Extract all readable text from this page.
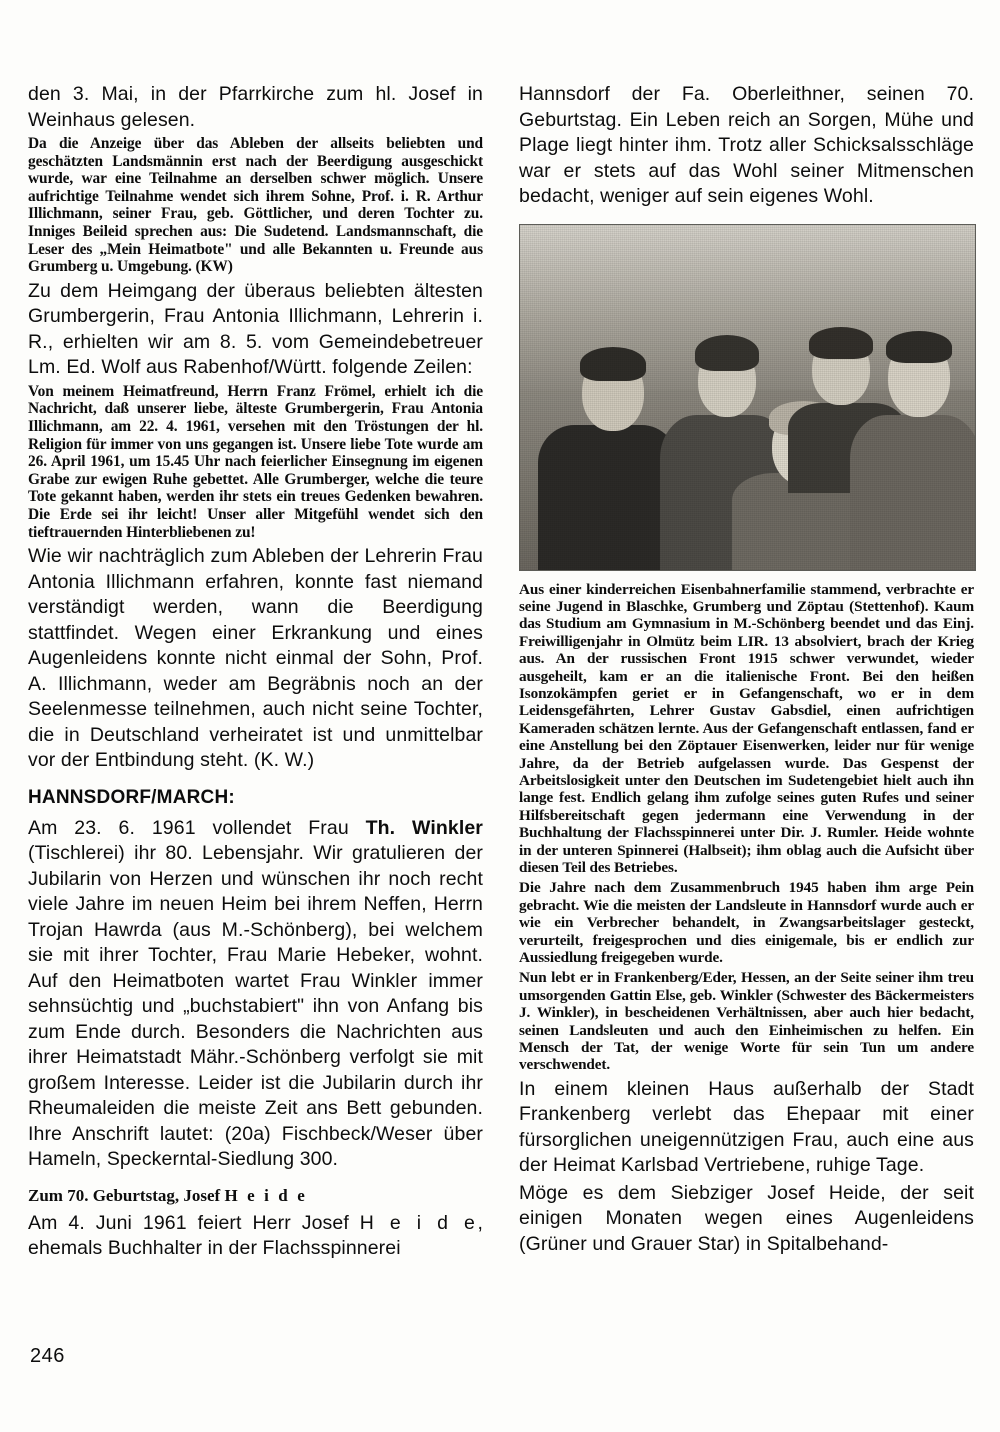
den 3. Mai, in der Pfarrkirche zum hl. Josef in Weinhaus gelesen.

Da die Anzeige über das Ableben der allseits beliebten und geschätzten Landsmännin erst nach der Beerdigung ausgeschickt wurde, war eine Teilnahme an derselben schwer möglich. Unsere aufrichtige Teilnahme wendet sich ihrem Sohne, Prof. i. R. Arthur Illichmann, seiner Frau, geb. Göttlicher, und deren Tochter zu. Inniges Beileid sprechen aus: Die Sudetend. Landsmannschaft, die Leser des „Mein Heimatbote" und alle Bekannten u. Freunde aus Grumberg u. Umgebung. (KW)

Zu dem Heimgang der überaus beliebten ältesten Grumbergerin, Frau Antonia Illichmann, Lehrerin i. R., erhielten wir am 8. 5. vom Gemeindebetreuer Lm. Ed. Wolf aus Rabenhof/Württ. folgende Zeilen:

Von meinem Heimatfreund, Herrn Franz Frömel, erhielt ich die Nachricht, daß unserer liebe, älteste Grumbergerin, Frau Antonia Illichmann, am 22. 4. 1961, versehen mit den Tröstungen der hl. Religion für immer von uns gegangen ist. Unsere liebe Tote wurde am 26. April 1961, um 15.45 Uhr nach feierlicher Einsegnung im eigenen Grabe zur ewigen Ruhe gebettet. Alle Grumberger, welche die teure Tote gekannt haben, werden ihr stets ein treues Gedenken bewahren. Die Erde sei ihr leicht! Unser aller Mitgefühl wendet sich den tieftrauernden Hinterbliebenen zu!

Wie wir nachträglich zum Ableben der Lehrerin Frau Antonia Illichmann erfahren, konnte fast niemand verständigt werden, wann die Beerdigung stattfindet. Wegen einer Erkrankung und eines Augenleidens konnte nicht einmal der Sohn, Prof. A. Illichmann, weder am Begräbnis noch an der Seelenmesse teilnehmen, auch nicht seine Tochter, die in Deutschland verheiratet ist und unmittelbar vor der Entbindung steht. (K. W.)

HANNSDORF/MARCH:

Am 23. 6. 1961 vollendet Frau Th. Winkler (Tischlerei) ihr 80. Lebensjahr. Wir gratulieren der Jubilarin von Herzen und wünschen ihr noch recht viele Jahre im neuen Heim bei ihrem Neffen, Herrn Trojan Hawrda (aus M.-Schönberg), bei welchem sie mit ihrer Tochter, Frau Marie Hebeker, wohnt. Auf den Heimatboten wartet Frau Winkler immer sehnsüchtig und „buchstabiert" ihn von Anfang bis zum Ende durch. Besonders die Nachrichten aus ihrer Heimatstadt Mähr.-Schönberg verfolgt sie mit großem Interesse. Leider ist die Jubilarin durch ihr Rheumaleiden die meiste Zeit ans Bett gebunden. Ihre Anschrift lautet: (20a) Fischbeck/Weser über Hameln, Speckerntal-Siedlung 300.

Zum 70. Geburtstag, Josef H e i d e

Am 4. Juni 1961 feiert Herr Josef H e i d e, ehemals Buchhalter in der Flachsspinnerei

Hannsdorf der Fa. Oberleithner, seinen 70. Geburtstag. Ein Leben reich an Sorgen, Mühe und Plage liegt hinter ihm. Trotz aller Schicksalsschläge war er stets auf das Wohl seiner Mitmenschen bedacht, weniger auf sein eigenes Wohl.

Aus einer kinderreichen Eisenbahnerfamilie stammend, verbrachte er seine Jugend in Blaschke, Grumberg und Zöptau (Stettenhof). Kaum das Studium am Gymnasium in M.-Schönberg beendet und das Einj. Freiwilligenjahr in Olmütz beim LIR. 13 absolviert, brach der Krieg aus. An der russischen Front 1915 schwer verwundet, wieder ausgeheilt, kam er an die italienische Front. Bei den heißen Isonzokämpfen geriet er in Gefangenschaft, wo er in dem Leidensgefährten, Lehrer Gustav Gabsdiel, einen aufrichtigen Kameraden schätzen lernte. Aus der Gefangenschaft entlassen, fand er eine Anstellung bei den Zöptauer Eisenwerken, leider nur für wenige Jahre, da der Betrieb aufgelassen wurde. Das Gespenst der Arbeitslosigkeit unter den Deutschen im Sudetengebiet hielt auch ihn lange fest. Endlich gelang ihm zufolge seines guten Rufes und seiner Hilfsbereitschaft gegen jedermann eine Verwendung in der Buchhaltung der Flachsspinnerei unter Dir. J. Rumler. Heide wohnte in der unteren Spinnerei (Halbseit); ihm oblag auch die Aufsicht über diesen Teil des Betriebes.

Die Jahre nach dem Zusammenbruch 1945 haben ihm arge Pein gebracht. Wie die meisten der Landsleute in Hannsdorf wurde auch er wie ein Verbrecher behandelt, in Zwangsarbeitslager gesteckt, verurteilt, freigesprochen und dies einigemale, bis er endlich zur Aussiedlung freigegeben wurde.

Nun lebt er in Frankenberg/Eder, Hessen, an der Seite seiner ihm treu umsorgenden Gattin Else, geb. Winkler (Schwester des Bäckermeisters J. Winkler), in bescheidenen Verhältnissen, aber auch hier bedacht, seinen Landsleuten und auch den Einheimischen zu helfen. Ein Mensch der Tat, der wenige Worte für sein Tun um andere verschwendet.

In einem kleinen Haus außerhalb der Stadt Frankenberg verlebt das Ehepaar mit einer fürsorglichen uneigennützigen Frau, auch eine aus der Heimat Karlsbad Vertriebene, ruhige Tage.

Möge es dem Siebziger Josef Heide, der seit einigen Monaten wegen eines Augenleidens (Grüner und Grauer Star) in Spitalbehand-

246
